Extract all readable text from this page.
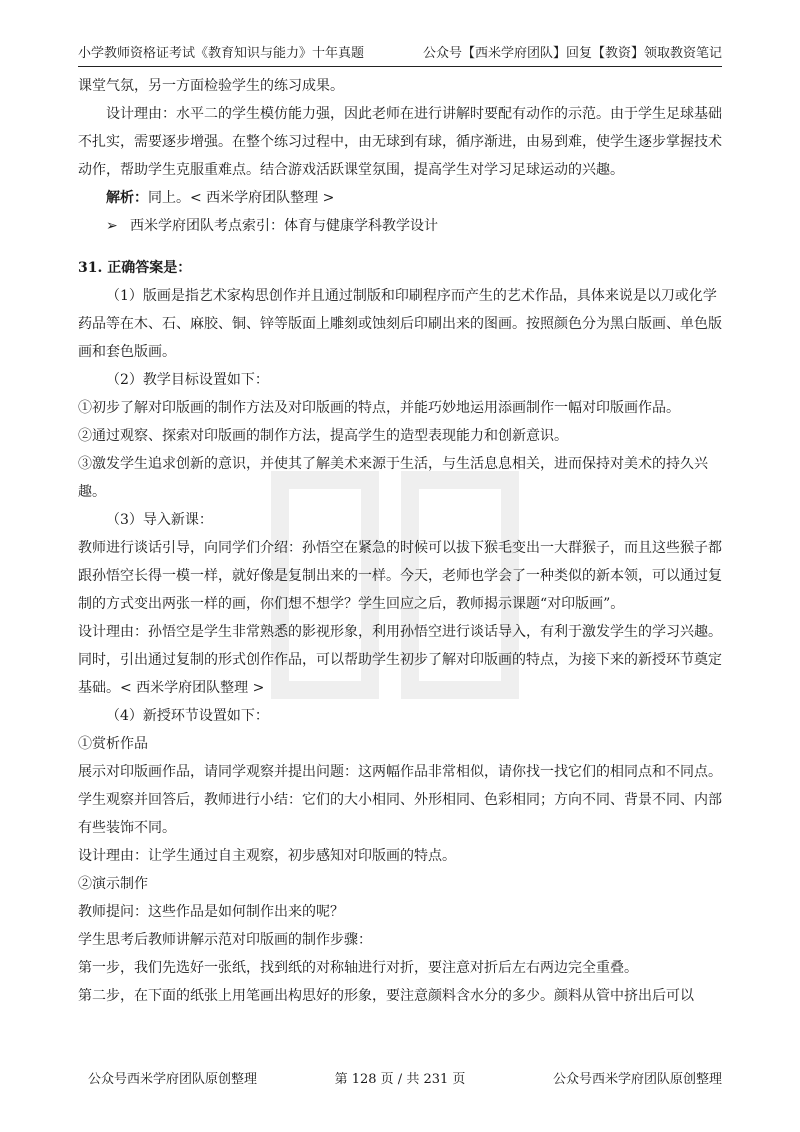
小学教师资格证考试《教育知识与能力》十年真题	公众号【西米学府团队】回复【教资】领取教资笔记

课堂气氛，另一方面检验学生的练习成果。

设计理由：水平二的学生模仿能力强，因此老师在进行讲解时要配有动作的示范。由于学生足球基础不扎实，需要逐步增强。在整个练习过程中，由无球到有球，循序渐进，由易到难，使学生逐步掌握技术动作，帮助学生克服重难点。结合游戏活跃课堂氛围，提高学生对学习足球运动的兴趣。

解析：同上。< 西米学府团队整理 >

➢ 西米学府团队考点索引：体育与健康学科教学设计

31. 正确答案是：

（1）版画是指艺术家构思创作并且通过制版和印刷程序而产生的艺术作品，具体来说是以刀或化学药品等在木、石、麻胶、铜、锌等版面上雕刻或蚀刻后印刷出来的图画。按照颜色分为黑白版画、单色版画和套色版画。

（2）教学目标设置如下：

①初步了解对印版画的制作方法及对印版画的特点，并能巧妙地运用添画制作一幅对印版画作品。

②通过观察、探索对印版画的制作方法，提高学生的造型表现能力和创新意识。

③激发学生追求创新的意识，并使其了解美术来源于生活，与生活息息相关，进而保持对美术的持久兴趣。

（3）导入新课：

教师进行谈话引导，向同学们介绍：孙悟空在紧急的时候可以拔下猴毛变出一大群猴子，而且这些猴子都跟孙悟空长得一模一样，就好像是复制出来的一样。今天，老师也学会了一种类似的新本领，可以通过复制的方式变出两张一样的画，你们想不想学？学生回应之后，教师揭示课题“对印版画”。

设计理由：孙悟空是学生非常熟悉的影视形象，利用孙悟空进行谈话导入，有利于激发学生的学习兴趣。同时，引出通过复制的形式创作作品，可以帮助学生初步了解对印版画的特点，为接下来的新授环节奠定基础。< 西米学府团队整理 >

（4）新授环节设置如下：

①赏析作品

展示对印版画作品，请同学观察并提出问题：这两幅作品非常相似，请你找一找它们的相同点和不同点。

学生观察并回答后，教师进行小结：它们的大小相同、外形相同、色彩相同；方向不同、背景不同、内部有些装饰不同。

设计理由：让学生通过自主观察，初步感知对印版画的特点。

②演示制作

教师提问：这些作品是如何制作出来的呢？

学生思考后教师讲解示范对印版画的制作步骤：

第一步，我们先选好一张纸，找到纸的对称轴进行对折，要注意对折后左右两边完全重叠。

第二步，在下面的纸张上用笔画出构思好的形象，要注意颜料含水分的多少。颜料从管中挤出后可以

公众号西米学府团队原创整理	第 128 页 / 共 231 页	公众号西米学府团队原创整理
